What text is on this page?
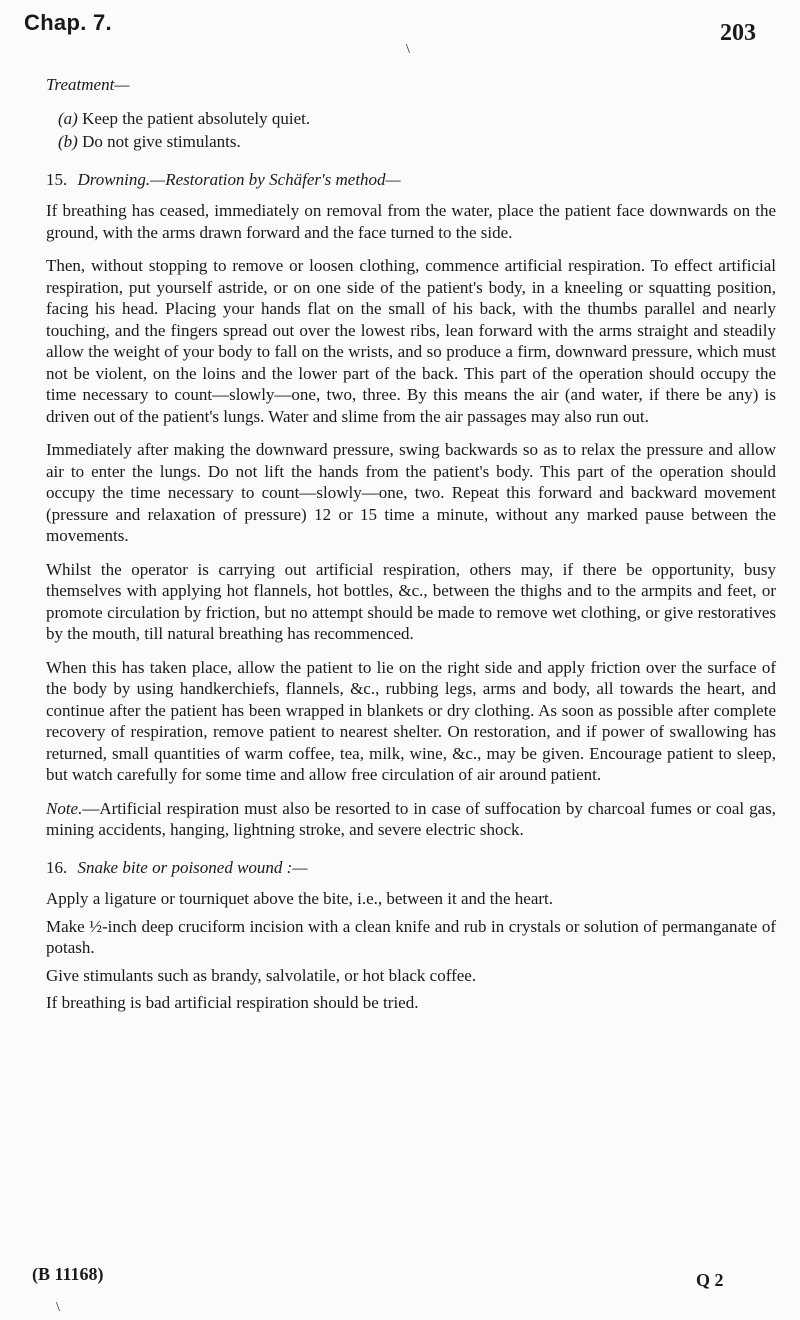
Chap. 7.	203
\
Treatment—
(a) Keep the patient absolutely quiet.
(b) Do not give stimulants.
15. Drowning.—Restoration by Schäfer's method—

If breathing has ceased, immediately on removal from the water, place the patient face downwards on the ground, with the arms drawn forward and the face turned to the side.

Then, without stopping to remove or loosen clothing, commence artificial respiration. To effect artificial respiration, put yourself astride, or on one side of the patient's body, in a kneeling or squatting position, facing his head. Placing your hands flat on the small of his back, with the thumbs parallel and nearly touching, and the fingers spread out over the lowest ribs, lean forward with the arms straight and steadily allow the weight of your body to fall on the wrists, and so produce a firm, downward pressure, which must not be violent, on the loins and the lower part of the back. This part of the operation should occupy the time necessary to count—slowly—one, two, three. By this means the air (and water, if there be any) is driven out of the patient's lungs. Water and slime from the air passages may also run out.

Immediately after making the downward pressure, swing backwards so as to relax the pressure and allow air to enter the lungs. Do not lift the hands from the patient's body. This part of the operation should occupy the time necessary to count—slowly—one, two. Repeat this forward and backward movement (pressure and relaxation of pressure) 12 or 15 time a minute, without any marked pause between the movements.

Whilst the operator is carrying out artificial respiration, others may, if there be opportunity, busy themselves with applying hot flannels, hot bottles, &c., between the thighs and to the armpits and feet, or promote circulation by friction, but no attempt should be made to remove wet clothing, or give restoratives by the mouth, till natural breathing has recommenced.

When this has taken place, allow the patient to lie on the right side and apply friction over the surface of the body by using handkerchiefs, flannels, &c., rubbing legs, arms and body, all towards the heart, and continue after the patient has been wrapped in blankets or dry clothing. As soon as possible after complete recovery of respiration, remove patient to nearest shelter. On restoration, and if power of swallowing has returned, small quantities of warm coffee, tea, milk, wine, &c., may be given. Encourage patient to sleep, but watch carefully for some time and allow free circulation of air around patient.

Note.—Artificial respiration must also be resorted to in case of suffocation by charcoal fumes or coal gas, mining accidents, hanging, lightning stroke, and severe electric shock.

16. Snake bite or poisoned wound :—

Apply a ligature or tourniquet above the bite, i.e., between it and the heart.

Make ½-inch deep cruciform incision with a clean knife and rub in crystals or solution of permanganate of potash.

Give stimulants such as brandy, salvolatile, or hot black coffee.

If breathing is bad artificial respiration should be tried.

(B 11168)	Q 2
\
